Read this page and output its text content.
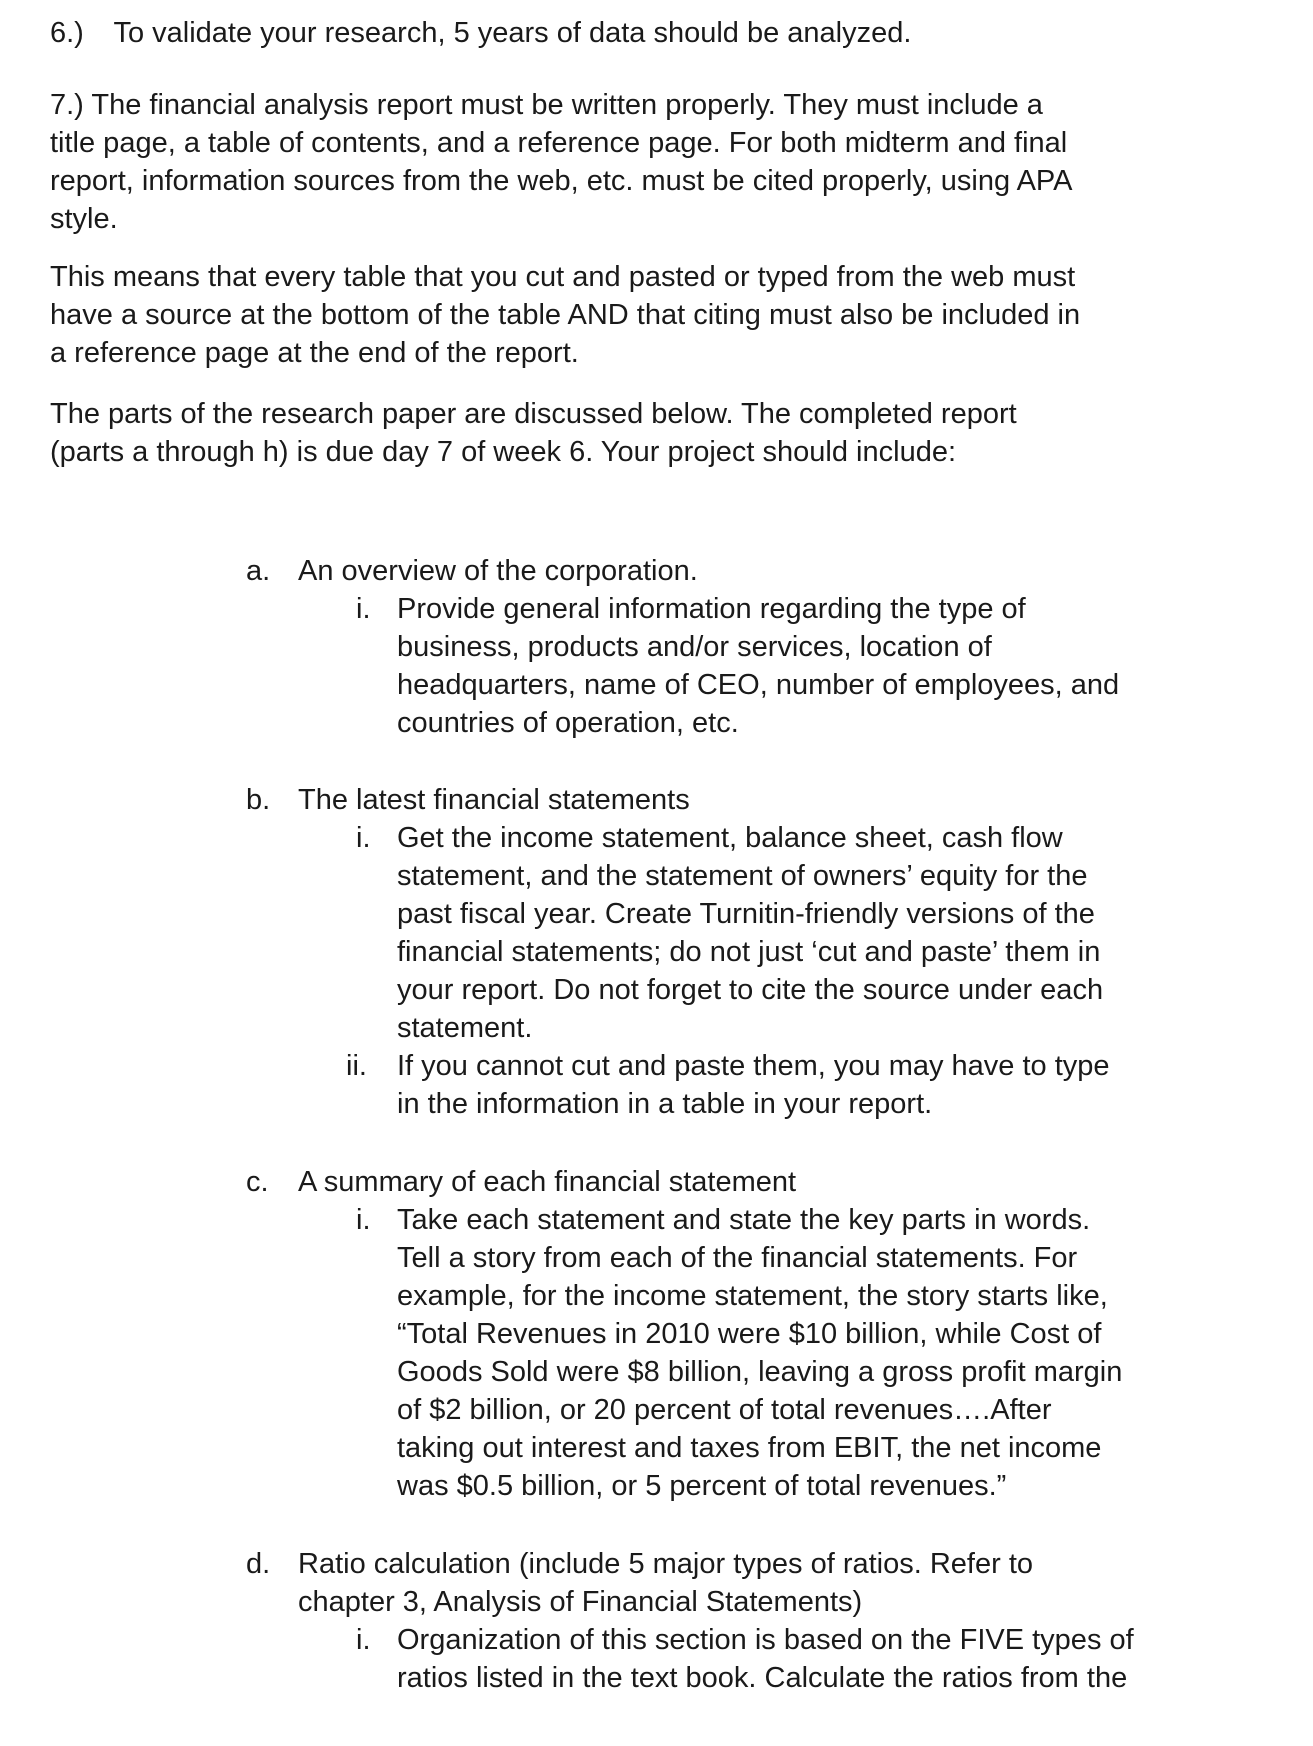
6.) To validate your research, 5 years of data should be analyzed.
7.) The financial analysis report must be written properly. They must include a
title page, a table of contents, and a reference page. For both midterm and final
report, information sources from the web, etc. must be cited properly, using APA
style.
This means that every table that you cut and pasted or typed from the web must
have a source at the bottom of the table AND that citing must also be included in
a reference page at the end of the report.
The parts of the research paper are discussed below. The completed report
(parts a through h) is due day 7 of week 6. Your project should include:
a. An overview of the corporation.
i. Provide general information regarding the type of
business, products and/or services, location of
headquarters, name of CEO, number of employees, and
countries of operation, etc.
b. The latest financial statements
i. Get the income statement, balance sheet, cash flow
statement, and the statement of owners’ equity for the
past fiscal year. Create Turnitin-friendly versions of the
financial statements; do not just ‘cut and paste’ them in
your report. Do not forget to cite the source under each
statement.
ii. If you cannot cut and paste them, you may have to type
in the information in a table in your report.
c. A summary of each financial statement
i. Take each statement and state the key parts in words.
Tell a story from each of the financial statements. For
example, for the income statement, the story starts like,
“Total Revenues in 2010 were $10 billion, while Cost of
Goods Sold were $8 billion, leaving a gross profit margin
of $2 billion, or 20 percent of total revenues….After
taking out interest and taxes from EBIT, the net income
was $0.5 billion, or 5 percent of total revenues.”
d. Ratio calculation (include 5 major types of ratios. Refer to
chapter 3, Analysis of Financial Statements)
i. Organization of this section is based on the FIVE types of
ratios listed in the text book. Calculate the ratios from the
